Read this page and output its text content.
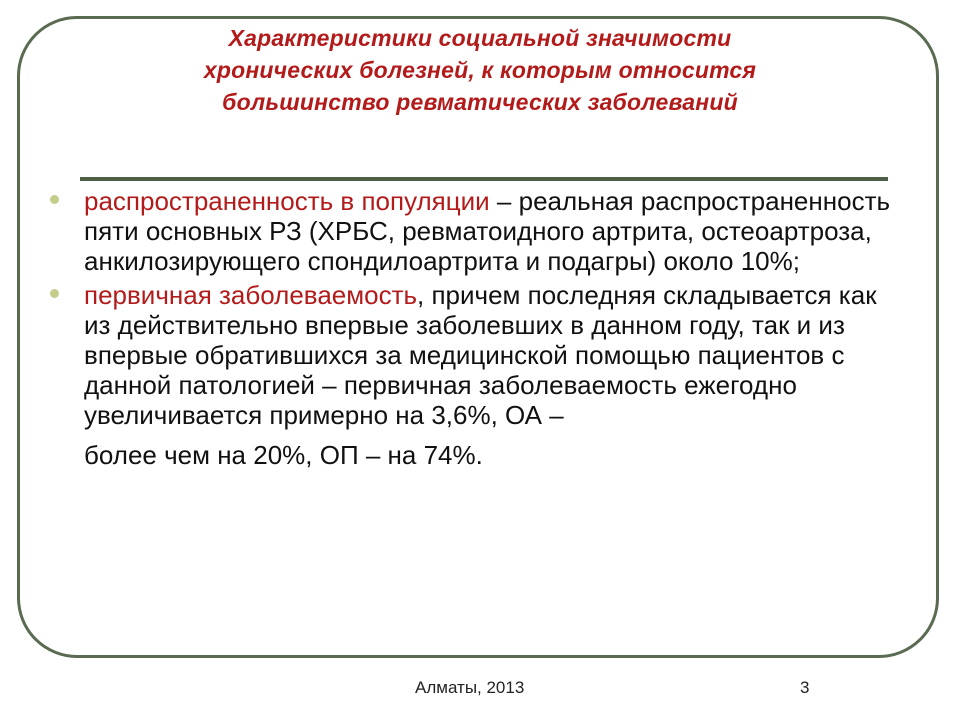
Характеристики социальной значимости
хронических болезней, к которым относится
большинство ревматических заболеваний
распространенность в популяции – реальная распространенность пяти основных РЗ (ХРБС, ревматоидного артрита, остеоартроза, анкилозирующего спондилоартрита и подагры) около 10%;
первичная заболеваемость, причем последняя складывается как из действительно впервые заболевших в данном году, так и из впервые обратившихся за медицинской помощью пациентов с данной патологией – первичная заболеваемость ежегодно увеличивается примерно на 3,6%, ОА –
более чем на 20%, ОП – на 74%.
Алматы, 2013	3
